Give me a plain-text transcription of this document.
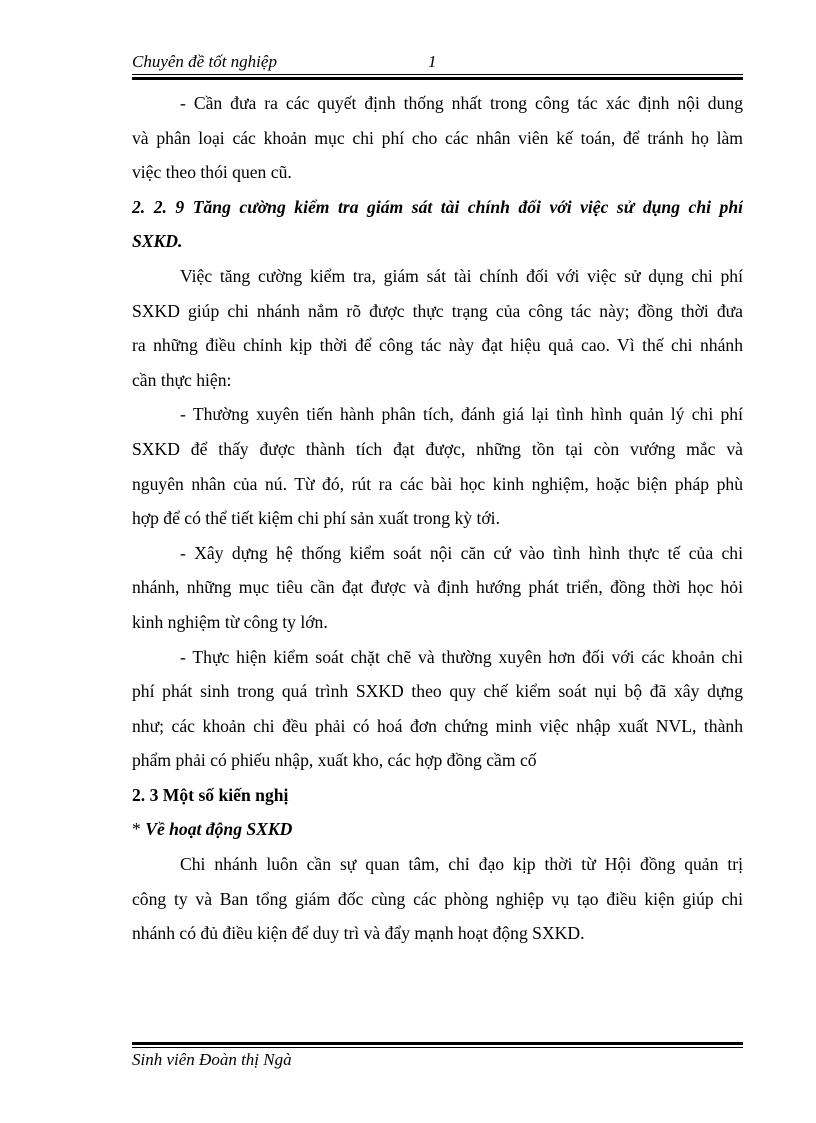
Chuyên đề tốt nghiệp	1
- Cần đưa ra các quyết định thống nhất trong công tác xác định nội dung
và phân loại các khoản mục chi phí cho các nhân viên kế toán, để tránh họ làm
việc theo thói quen cũ.
2. 2. 9 Tăng cường kiểm tra giám sát tài chính đối với việc sử dụng chi phí
SXKD.
Việc tăng cường kiểm tra, giám sát tài chính đối với việc sử dụng chi phí
SXKD giúp chi nhánh nắm rõ được thực trạng của công tác này; đồng thời đưa
ra những điều chỉnh kịp thời để công tác này đạt hiệu quả cao. Vì thế chi nhánh
cần thực hiện:
- Thường xuyên tiến hành phân tích, đánh giá lại tình hình quản lý chi phí
SXKD để thấy được thành tích đạt được, những tồn tại còn vướng mắc và
nguyên nhân của nú. Từ đó, rút ra các bài học kinh nghiệm, hoặc biện pháp phù
hợp để có thể tiết kiệm chi phí sản xuất trong kỳ tới.
- Xây dựng hệ thống kiểm soát nội căn cứ vào tình hình thực tế của chi
nhánh, những mục tiêu cần đạt được và định hướng phát triển, đồng thời học hỏi
kinh nghiệm từ công ty lớn.
- Thực hiện kiểm soát chặt chẽ và thường xuyên hơn đối với các khoản chi
phí phát sinh trong quá trình SXKD theo quy chế kiểm soát nụi bộ đã xây dựng
như; các khoản chi đều phải có hoá đơn chứng minh việc nhập xuất NVL, thành
phẩm phải có phiếu nhập, xuất kho, các hợp đồng cầm cố
2. 3 Một số kiến nghị
* Về hoạt động SXKD
Chi nhánh luôn cần sự quan tâm, chỉ đạo kịp thời từ Hội đồng quản trị
công ty và Ban tổng giám đốc cùng các phòng nghiệp vụ tạo điều kiện giúp chi
nhánh có đủ điều kiện để duy trì và đẩy mạnh hoạt động SXKD.
Sinh viên Đoàn thị Ngà
